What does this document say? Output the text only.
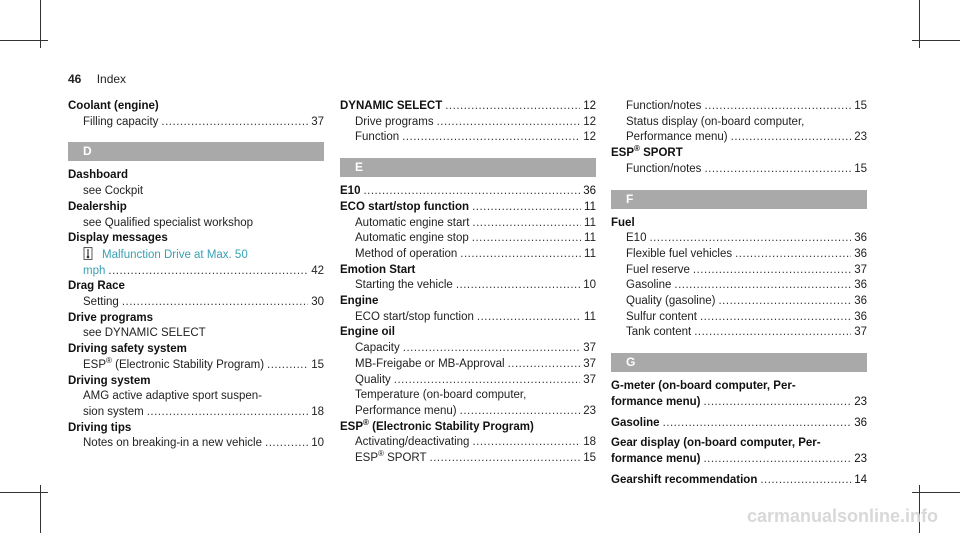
46 Index
Coolant (engine)
Filling capacity .....	37
D
Dashboard
see Cockpit
Dealership
see Qualified specialist workshop
Display messages
Malfunction Drive at Max. 50
mph .....	42
Drag Race
Setting .....	30
Drive programs
see DYNAMIC SELECT
Driving safety system
ESP® (Electronic Stability Program) .....	15
Driving system
AMG active adaptive sport suspen-
sion system .....	18
Driving tips
Notes on breaking-in a new vehicle .....	10
DYNAMIC SELECT .....	12
Drive programs .....	12
Function .....	12
E
E10 .....	36
ECO start/stop function .....	11
Automatic engine start .....	11
Automatic engine stop .....	11
Method of operation .....	11
Emotion Start
Starting the vehicle .....	10
Engine
ECO start/stop function .....	11
Engine oil
Capacity .....	37
MB-Freigabe or MB-Approval .....	37
Quality .....	37
Temperature (on-board computer,
Performance menu) .....	23
ESP® (Electronic Stability Program)
Activating/deactivating .....	18
ESP® SPORT .....	15
Function/notes .....	15
Status display (on-board computer,
Performance menu) .....	23
ESP® SPORT
Function/notes .....	15
F
Fuel
E10 .....	36
Flexible fuel vehicles .....	36
Fuel reserve .....	37
Gasoline .....	36
Quality (gasoline) .....	36
Sulfur content .....	36
Tank content .....	37
G
G-meter (on-board computer, Per-
formance menu) .....	23
Gasoline .....	36
Gear display (on-board computer, Per-
formance menu) .....	23
Gearshift recommendation .....	14
carmanualsonline.info
